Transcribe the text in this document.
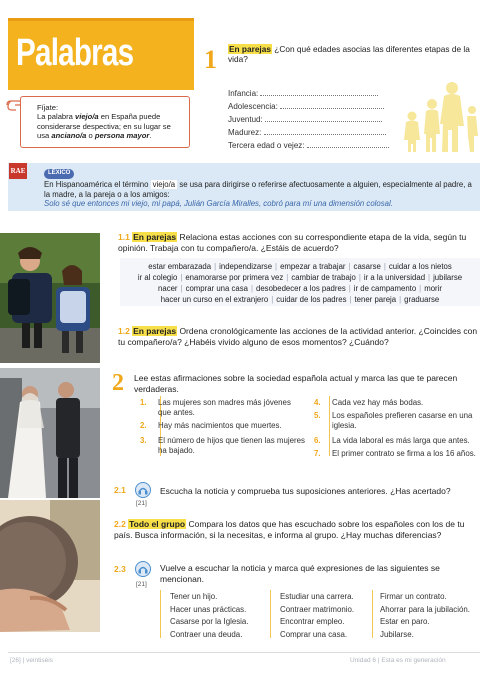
Palabras	1 En parejas ¿Con qué edades asocias las diferentes etapas de la vida?
Infancia:
Adolescencia:
Juventud:
Madurez:
Tercera edad o vejez:
Fíjate:
La palabra viejo/a en España puede considerarse despectiva; en su lugar se usa anciano/a o persona mayor.
RAE	LÉXICO
En Hispanoamérica el término viejo/a se usa para dirigirse o referirse afectuosamente a alguien, especialmente al padre, a la madre, a la pareja o a los amigos:
Solo sé que entonces mi viejo, mi papá, Julián García Miralles, cobró para mí una dimensión colosal.
1.1 En parejas Relaciona estas acciones con su correspondiente etapa de la vida, según tu opinión. Trabaja con tu compañero/a. ¿Estáis de acuerdo?
estar embarazada | independizarse | empezar a trabajar | casarse | cuidar a los nietos
ir al colegio | enamorarse por primera vez | cambiar de trabajo | ir a la universidad | jubilarse
nacer | comprar una casa | desobedecer a los padres | ir de campamento | morir
hacer un curso en el extranjero | cuidar de los padres | tener pareja | graduarse
1.2 En parejas Ordena cronológicamente las acciones de la actividad anterior. ¿Coincides con tu compañero/a? ¿Habéis vivido alguno de esos momentos? ¿Cuándo?
2 Lee estas afirmaciones sobre la sociedad española actual y marca las que te parecen verdaderas.
1. Las mujeres son madres más jóvenes que antes.
2. Hay más nacimientos que muertes.
3. El número de hijos que tienen las mujeres ha bajado.
4. Cada vez hay más bodas.
5. Los españoles prefieren casarse en una iglesia.
6. La vida laboral es más larga que antes.
7. El primer contrato se firma a los 16 años.
2.1
[21]
Escucha la noticia y comprueba tus suposiciones anteriores. ¿Has acertado?
2.2 Todo el grupo Compara los datos que has escuchado sobre los españoles con los de tu país. Busca información, si la necesitas, e informa al grupo. ¿Hay muchas diferencias?
2.3
[21]
Vuelve a escuchar la noticia y marca qué expresiones de las siguientes se mencionan.
Tener un hijo.
Hacer unas prácticas.
Casarse por la Iglesia.
Contraer una deuda.
Estudiar una carrera.
Contraer matrimonio.
Encontrar empleo.
Comprar una casa.
Firmar un contrato.
Ahorrar para la jubilación.
Estar en paro.
Jubilarse.
[26] | veintiséis	Unidad 6 | Esta es mi generación
